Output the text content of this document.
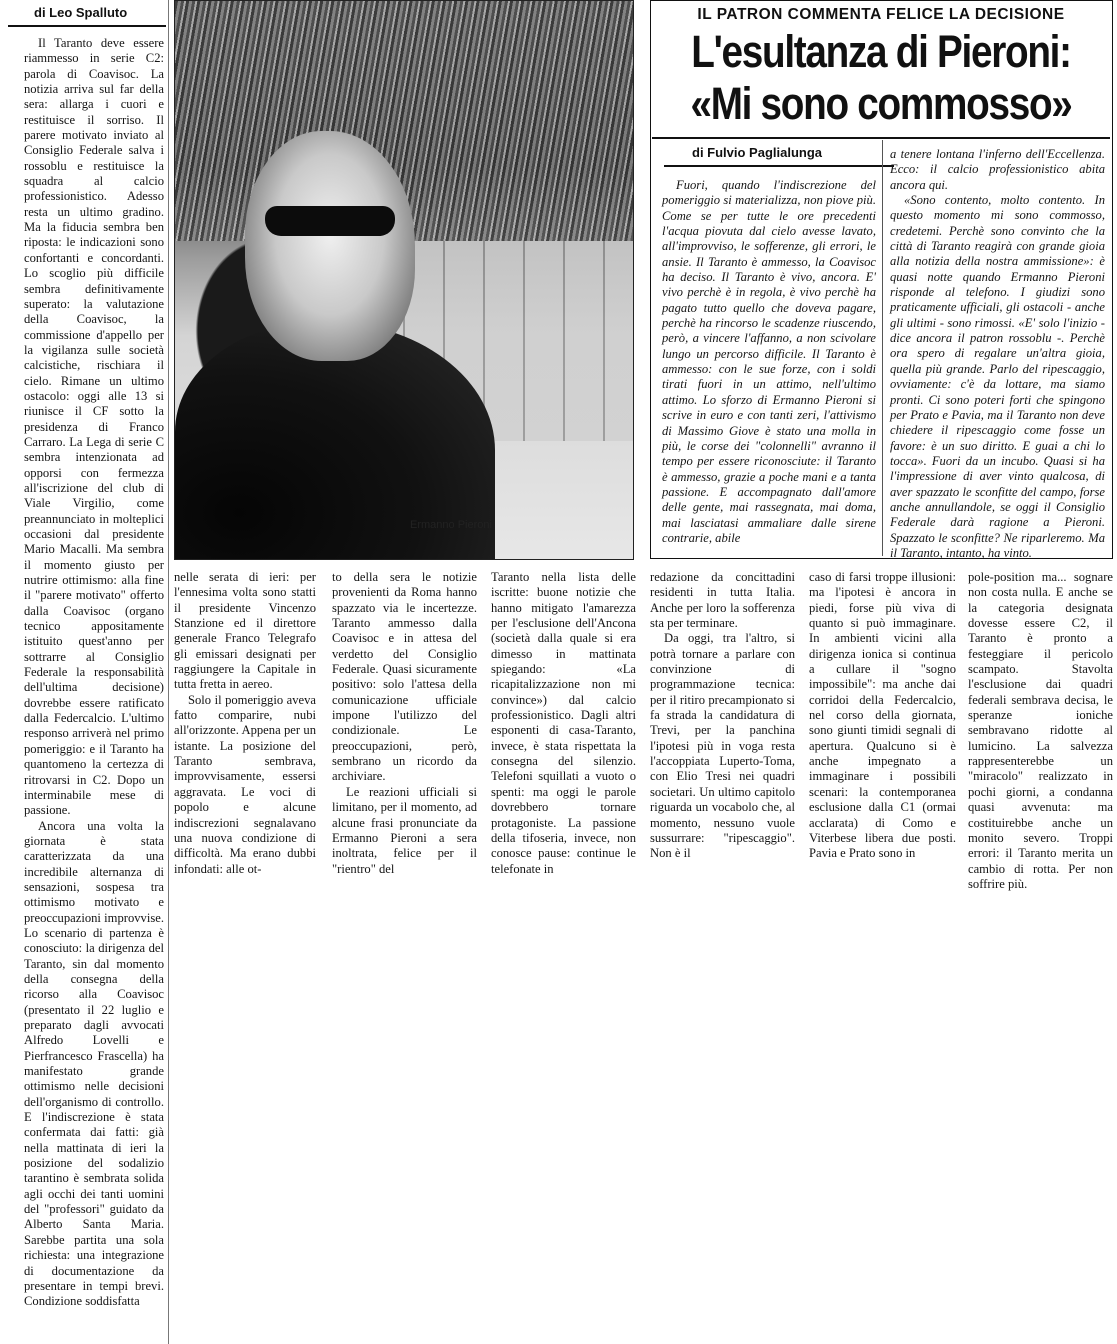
di Leo Spalluto

Il Taranto deve essere riammesso in serie C2: parola di Coavisoc. La notizia arriva sul far della sera: allarga i cuori e restituisce il sorriso. Il parere motivato inviato al Consiglio Federale salva i rossoblu e restituisce la squadra al calcio professionistico. Adesso resta un ultimo gradino. Ma la fiducia sembra ben riposta: le indicazioni sono confortanti e concordanti. Lo scoglio più difficile sembra definitivamente superato: la valutazione della Coavisoc, la commissione d'appello per la vigilanza sulle società calcistiche, rischiara il cielo. Rimane un ultimo ostacolo: oggi alle 13 si riunisce il CF sotto la presidenza di Franco Carraro. La Lega di serie C sembra intenzionata ad opporsi con fermezza all'iscrizione del club di Viale Virgilio, come preannunciato in molteplici occasioni dal presidente Mario Macalli. Ma sembra il momento giusto per nutrire ottimismo: alla fine il "parere motivato" offerto dalla Coavisoc (organo tecnico appositamente istituito quest'anno per sottrarre al Consiglio Federale la responsabilità dell'ultima decisione) dovrebbe essere ratificato dalla Federcalcio. L'ultimo responso arriverà nel primo pomeriggio: e il Taranto ha quantomeno la certezza di ritrovarsi in C2. Dopo un interminabile mese di passione.

Ancora una volta la giornata è stata caratterizzata da una incredibile alternanza di sensazioni, sospesa tra ottimismo motivato e preoccupazioni improvvise. Lo scenario di partenza è conosciuto: la dirigenza del Taranto, sin dal momento della consegna della ricorso alla Coavisoc (presentato il 22 luglio e preparato dagli avvocati Alfredo Lovelli e Pierfrancesco Frascella) ha manifestato grande ottimismo nelle decisioni dell'organismo di controllo. E l'indiscrezione è stata confermata dai fatti: già nella mattinata di ieri la posizione del sodalizio tarantino è sembrata solida agli occhi dei tanti uomini del "professori" guidato da Alberto Santa Maria. Sarebbe partita una sola richiesta: una integrazione di documentazione da presentare in tempi brevi. Condizione soddisfatta

Ermanno Pieroni
IL PATRON COMMENTA FELICE LA DECISIONE
L'esultanza di Pieroni:
«Mi sono commosso»
di Fulvio Paglialunga

Fuori, quando l'indiscrezione del pomeriggio si materializza, non piove più. Come se per tutte le ore precedenti l'acqua piovuta dal cielo avesse lavato, all'improvviso, le sofferenze, gli errori, le ansie. Il Taranto è ammesso, la Coavisoc ha deciso. Il Taranto è vivo, ancora. E' vivo perchè è in regola, è vivo perchè ha pagato tutto quello che doveva pagare, perchè ha rincorso le scadenze riuscendo, però, a vincere l'affanno, a non scivolare lungo un percorso difficile. Il Taranto è ammesso: con le sue forze, con i soldi tirati fuori in un attimo, nell'ultimo attimo. Lo sforzo di Ermanno Pieroni si scrive in euro e con tanti zeri, l'attivismo di Massimo Giove è stato una molla in più, le corse dei "colonnelli" avranno il tempo per essere riconosciute: il Taranto è ammesso, grazie a poche mani e a tanta passione. E accompagnato dall'amore delle gente, mai rassegnata, mai doma, mai lasciatasi ammaliare dalle sirene contrarie, abile

a tenere lontana l'inferno dell'Eccellenza. Ecco: il calcio professionistico abita ancora qui.

«Sono contento, molto contento. In questo momento mi sono commosso, credetemi. Perchè sono convinto che la città di Taranto reagirà con grande gioia alla notizia della nostra ammissione»: è quasi notte quando Ermanno Pieroni risponde al telefono. I giudizi sono praticamente ufficiali, gli ostacoli - anche gli ultimi - sono rimossi. «E' solo l'inizio - dice ancora il patron rossoblu -. Perchè ora spero di regalare un'altra gioia, quella più grande. Parlo del ripescaggio, ovviamente: c'è da lottare, ma siamo pronti. Ci sono poteri forti che spingono per Prato e Pavia, ma il Taranto non deve chiedere il ripescaggio come fosse un favore: è un suo diritto. E guai a chi lo tocca». Fuori da un incubo. Quasi si ha l'impressione di aver vinto qualcosa, di aver spazzato le sconfitte del campo, forse anche annullandole, se oggi il Consiglio Federale darà ragione a Pieroni. Spazzato le sconfitte? Ne riparleremo. Ma il Taranto, intanto, ha vinto.

nelle serata di ieri: per l'ennesima volta sono statti il presidente Vincenzo Stanzione ed il direttore generale Franco Telegrafo gli emissari designati per raggiungere la Capitale in tutta fretta in aereo.

Solo il pomeriggio aveva fatto comparire, nubi all'orizzonte. Appena per un istante. La posizione del Taranto sembrava, improvvisamente, essersi aggravata. Le voci di popolo e alcune indiscrezioni segnalavano una nuova condizione di difficoltà. Ma erano dubbi infondati: alle ot-

to della sera le notizie provenienti da Roma hanno spazzato via le incertezze. Taranto ammesso dalla Coavisoc e in attesa del verdetto del Consiglio Federale. Quasi sicuramente positivo: solo l'attesa della comunicazione ufficiale impone l'utilizzo del condizionale. Le preoccupazioni, però, sembrano un ricordo da archiviare.

Le reazioni ufficiali si limitano, per il momento, ad alcune frasi pronunciate da Ermanno Pieroni a sera inoltrata, felice per il "rientro" del

Taranto nella lista delle iscritte: buone notizie che hanno mitigato l'amarezza per l'esclusione dell'Ancona (società dalla quale si era dimesso in mattinata spiegando: «La ricapitalizzazione non mi convince») dal calcio professionistico. Dagli altri esponenti di casa-Taranto, invece, è stata rispettata la consegna del silenzio. Telefoni squillati a vuoto o spenti: ma oggi le parole dovrebbero tornare protagoniste. La passione della tifoseria, invece, non conosce pause: continue le telefonate in

redazione da concittadini residenti in tutta Italia. Anche per loro la sofferenza sta per terminare.

Da oggi, tra l'altro, si potrà tornare a parlare con convinzione di programmazione tecnica: per il ritiro precampionato si fa strada la candidatura di Trevi, per la panchina l'ipotesi più in voga resta l'accoppiata Luperto-Toma, con Elio Tresi nei quadri societari. Un ultimo capitolo riguarda un vocabolo che, al momento, nessuno vuole sussurrare: "ripescaggio". Non è il

caso di farsi troppe illusioni: ma l'ipotesi è ancora in piedi, forse più viva di quanto si può immaginare. In ambienti vicini alla dirigenza ionica si continua a cullare il "sogno impossibile": ma anche dai corridoi della Federcalcio, nel corso della giornata, sono giunti timidi segnali di apertura. Qualcuno si è anche impegnato a immaginare i possibili scenari: la contemporanea esclusione dalla C1 (ormai acclarata) di Como e Viterbese libera due posti. Pavia e Prato sono in

pole-position ma... sognare non costa nulla. E anche se la categoria designata dovesse essere C2, il Taranto è pronto a festeggiare il pericolo scampato. Stavolta l'esclusione dai quadri federali sembrava decisa, le speranze ioniche sembravano ridotte al lumicino. La salvezza rappresenterebbe un "miracolo" realizzato in pochi giorni, a condanna quasi avvenuta: ma costituirebbe anche un monito severo. Troppi errori: il Taranto merita un cambio di rotta. Per non soffrire più.
